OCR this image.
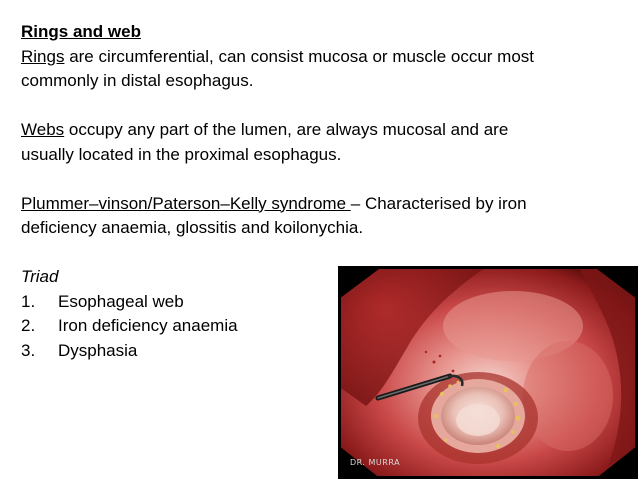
Rings and web
Rings are circumferential, can consist mucosa or muscle occur most
commonly in distal esophagus.
Webs occupy any part of the lumen, are always mucosal and are
usually located in the proximal esophagus.
Plummer–vinson/Paterson–Kelly syndrome – Characterised by iron
deficiency anaemia, glossitis and koilonychia.
Triad
1. Esophageal web
2. Iron deficiency anaemia
3. Dysphasia
DR. MURRA
